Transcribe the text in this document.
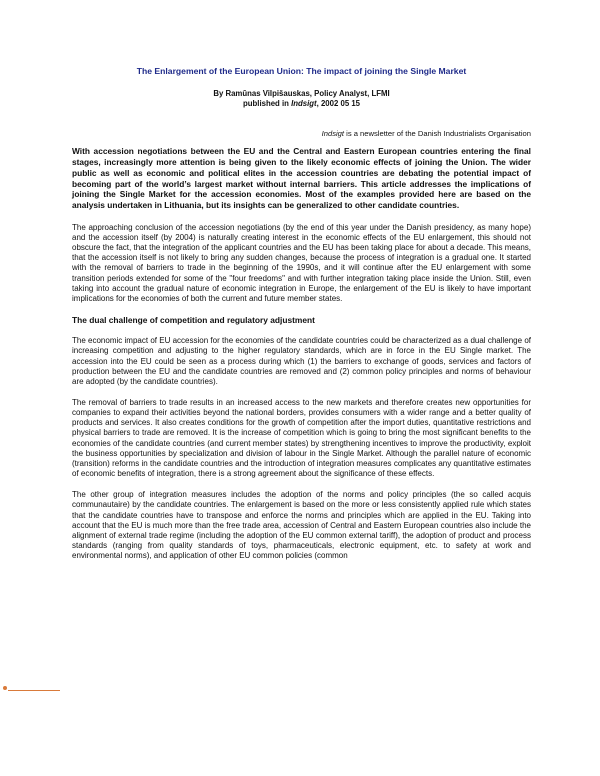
The Enlargement of the European Union: The impact of joining the Single Market
By Ramūnas Vilpišauskas, Policy Analyst, LFMI
published in Indsigt, 2002 05 15
Indsigt is a newsletter of the Danish Industrialists Organisation

With accession negotiations between the EU and the Central and Eastern European countries entering the final stages, increasingly more attention is being given to the likely economic effects of joining the Union. The wider public as well as economic and political elites in the accession countries are debating the potential impact of becoming part of the world’s largest market without internal barriers. This article addresses the implications of joining the Single Market for the accession economies. Most of the examples provided here are based on the analysis undertaken in Lithuania, but its insights can be generalized to other candidate countries.

The approaching conclusion of the accession negotiations (by the end of this year under the Danish presidency, as many hope) and the accession itself (by 2004) is naturally creating interest in the economic effects of the EU enlargement, this should not obscure the fact, that the integration of the applicant countries and the EU has been taking place for about a decade. This means, that the accession itself is not likely to bring any sudden changes, because the process of integration is a gradual one. It started with the removal of barriers to trade in the beginning of the 1990s, and it will continue after the EU enlargement with some transition periods extended for some of the "four freedoms" and with further integration taking place inside the Union. Still, even taking into account the gradual nature of economic integration in Europe, the enlargement of the EU is likely to have important implications for the economies of both the current and future member states.

The dual challenge of competition and regulatory adjustment

The economic impact of EU accession for the economies of the candidate countries could be characterized as a dual challenge of increasing competition and adjusting to the higher regulatory standards, which are in force in the EU Single market. The accession into the EU could be seen as a process during which (1) the barriers to exchange of goods, services and factors of production between the EU and the candidate countries are removed and (2) common policy principles and norms of behaviour are adopted (by the candidate countries).

The removal of barriers to trade results in an increased access to the new markets and therefore creates new opportunities for companies to expand their activities beyond the national borders, provides consumers with a wider range and a better quality of products and services. It also creates conditions for the growth of competition after the import duties, quantitative restrictions and physical barriers to trade are removed. It is the increase of competition which is going to bring the most significant benefits to the economies of the candidate countries (and current member states) by strengthening incentives to improve the productivity, exploit the business opportunities by specialization and division of labour in the Single Market. Although the parallel nature of economic (transition) reforms in the candidate countries and the introduction of integration measures complicates any quantitative estimates of economic benefits of integration, there is a strong agreement about the significance of these effects.

The other group of integration measures includes the adoption of the norms and policy principles (the so called acquis communautaire) by the candidate countries. The enlargement is based on the more or less consistently applied rule which states that the candidate countries have to transpose and enforce the norms and principles which are applied in the EU. Taking into account that the EU is much more than the free trade area, accession of Central and Eastern European countries also include the alignment of external trade regime (including the adoption of the EU common external tariff), the adoption of product and process standards (ranging from quality standards of toys, pharmaceuticals, electronic equipment, etc. to safety at work and environmental norms), and application of other EU common policies (common
